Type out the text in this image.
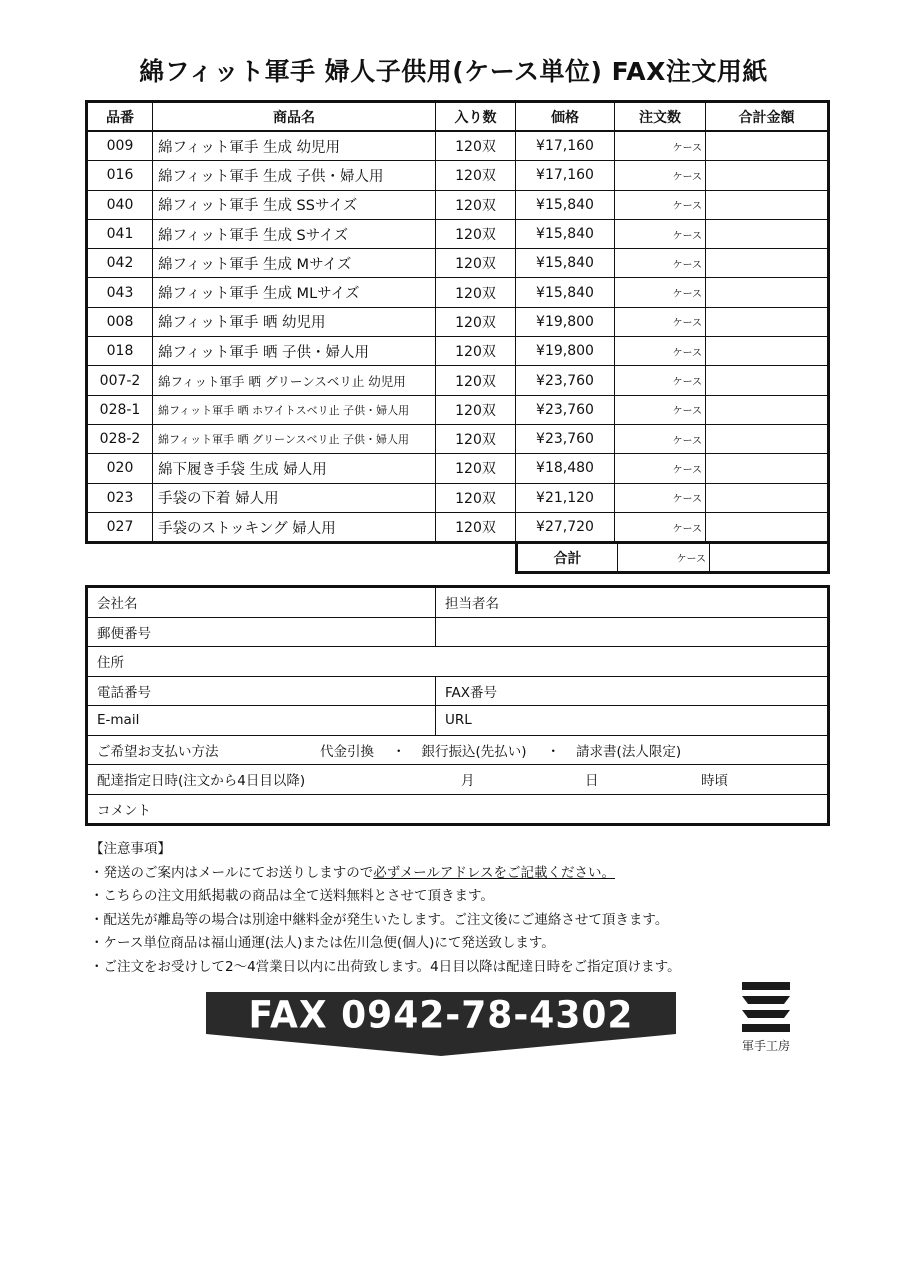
綿フィット軍手 婦人子供用(ケース単位) FAX注文用紙
品番	商品名	入り数	価格	注文数	合計金額
009	綿フィット軍手 生成 幼児用	120双	¥17,160	ケース	
016	綿フィット軍手 生成 子供・婦人用	120双	¥17,160	ケース	
040	綿フィット軍手 生成 SSサイズ	120双	¥15,840	ケース	
041	綿フィット軍手 生成 Sサイズ	120双	¥15,840	ケース	
042	綿フィット軍手 生成 Mサイズ	120双	¥15,840	ケース	
043	綿フィット軍手 生成 MLサイズ	120双	¥15,840	ケース	
008	綿フィット軍手 晒 幼児用	120双	¥19,800	ケース	
018	綿フィット軍手 晒 子供・婦人用	120双	¥19,800	ケース	
007-2	綿フィット軍手 晒 グリーンスベリ止 幼児用	120双	¥23,760	ケース	
028-1	綿フィット軍手 晒 ホワイトスベリ止 子供・婦人用	120双	¥23,760	ケース	
028-2	綿フィット軍手 晒 グリーンスベリ止 子供・婦人用	120双	¥23,760	ケース	
020	綿下履き手袋 生成 婦人用	120双	¥18,480	ケース	
023	手袋の下着 婦人用	120双	¥21,120	ケース	
027	手袋のストッキング 婦人用	120双	¥27,720	ケース	
合計	ケース	
会社名	担当者名
郵便番号	
住所	
電話番号	FAX番号
E-mail	URL
ご希望お支払い方法 代金引換 ・ 銀行振込(先払い) ・ 請求書(法人限定)	
配達指定日時(注文から4日目以降) 月 日 時頃	
コメント	
【注意事項】
・発送のご案内はメールにてお送りしますので必ずメールアドレスをご記載ください。
・こちらの注文用紙掲載の商品は全て送料無料とさせて頂きます。
・配送先が離島等の場合は別途中継料金が発生いたします。ご注文後にご連絡させて頂きます。
・ケース単位商品は福山通運(法人)または佐川急便(個人)にて発送致します。
・ご注文をお受けして2～4営業日以内に出荷致します。4日目以降は配達日時をご指定頂けます。
FAX 0942-78-4302
軍手工房
